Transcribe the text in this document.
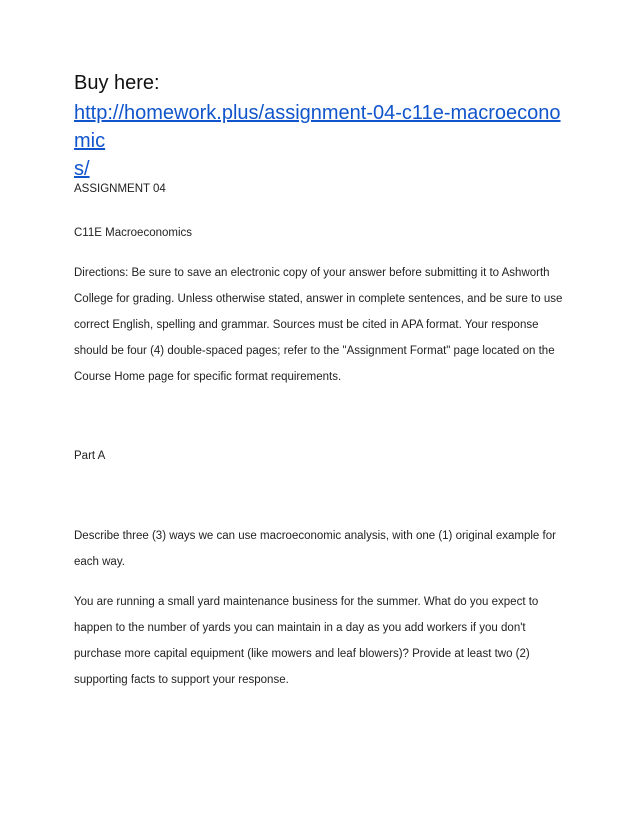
Buy here:
http://homework.plus/assignment-04-c11e-macroeconomic
s/
ASSIGNMENT 04
C11E Macroeconomics
Directions: Be sure to save an electronic copy of your answer before submitting it to Ashworth
College for grading. Unless otherwise stated, answer in complete sentences, and be sure to use
correct English, spelling and grammar. Sources must be cited in APA format. Your response
should be four (4) double-spaced pages; refer to the "Assignment Format" page located on the
Course Home page for specific format requirements.
Part A
Describe three (3) ways we can use macroeconomic analysis, with one (1) original example for
each way.
You are running a small yard maintenance business for the summer. What do you expect to
happen to the number of yards you can maintain in a day as you add workers if you don't
purchase more capital equipment (like mowers and leaf blowers)? Provide at least two (2)
supporting facts to support your response.
